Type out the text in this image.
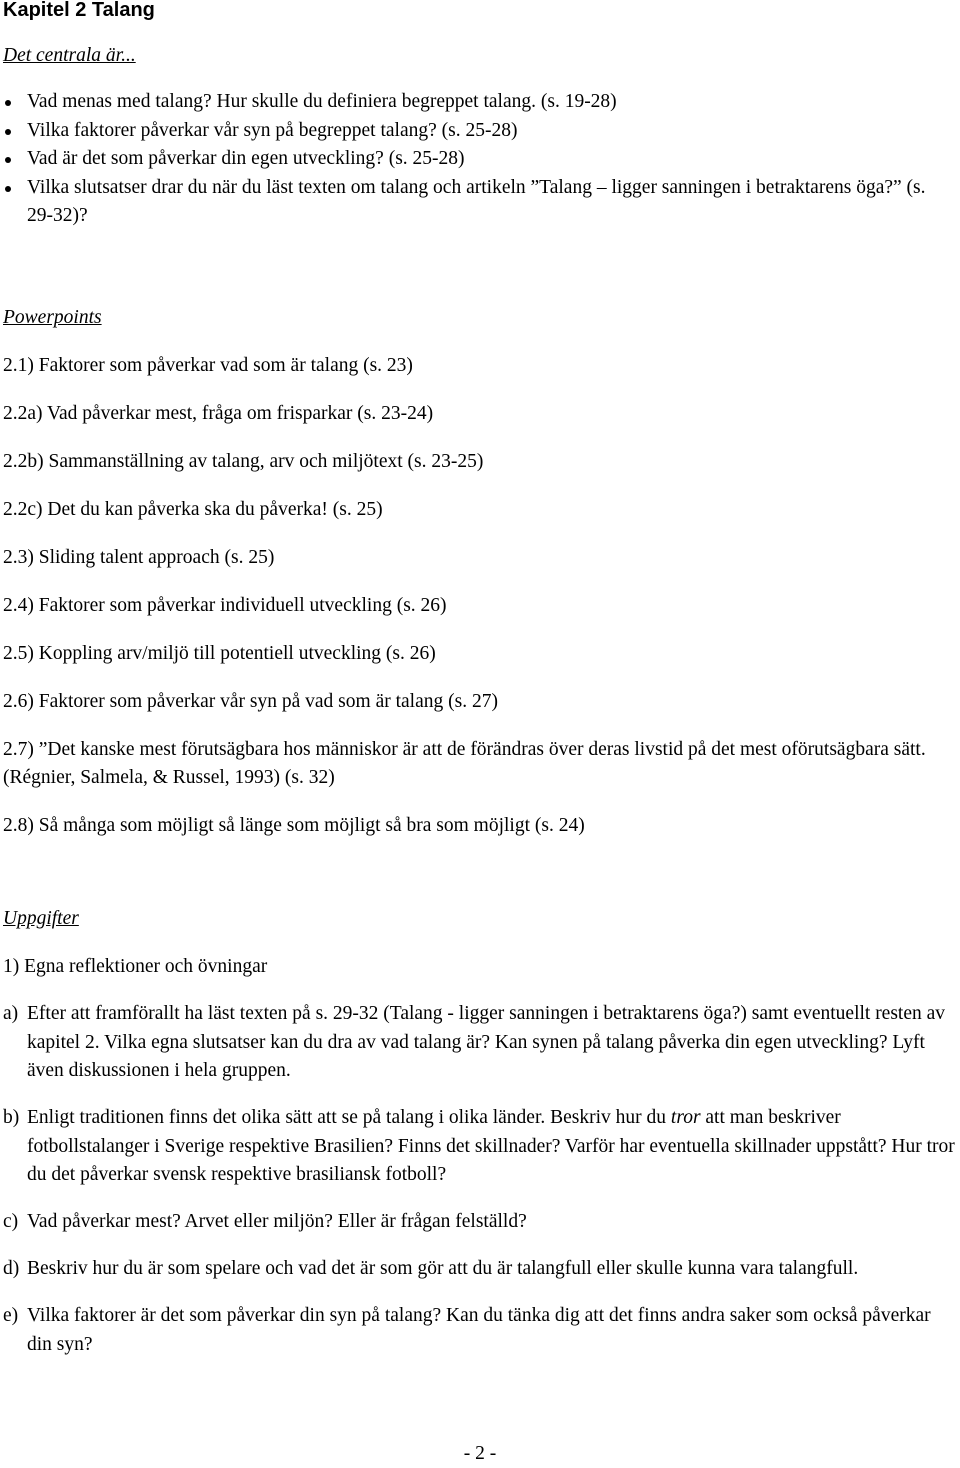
Kapitel 2 Talang
Det centrala är...
Vad menas med talang? Hur skulle du definiera begreppet talang. (s. 19-28)
Vilka faktorer påverkar vår syn på begreppet talang? (s. 25-28)
Vad är det som påverkar din egen utveckling? (s. 25-28)
Vilka slutsatser drar du när du läst texten om talang och artikeln ”Talang – ligger sanningen i betraktarens öga?” (s. 29-32)?
Powerpoints
2.1) Faktorer som påverkar vad som är talang (s. 23)
2.2a) Vad påverkar mest, fråga om frisparkar (s. 23-24)
2.2b) Sammanställning av talang, arv och miljötext (s. 23-25)
2.2c) Det du kan påverka ska du påverka! (s. 25)
2.3) Sliding talent approach (s. 25)
2.4) Faktorer som påverkar individuell utveckling (s. 26)
2.5) Koppling arv/miljö till potentiell utveckling (s. 26)
2.6) Faktorer som påverkar vår syn på vad som är talang (s. 27)
2.7) ”Det kanske mest förutsägbara hos människor är att de förändras över deras livstid på det mest oförutsägbara sätt. (Régnier, Salmela, & Russel, 1993) (s. 32)
2.8) Så många som möjligt så länge som möjligt så bra som möjligt (s. 24)
Uppgifter

1) Egna reflektioner och övningar

a) Efter att framförallt ha läst texten på s. 29-32 (Talang - ligger sanningen i betraktarens öga?) samt eventuellt resten av kapitel 2. Vilka egna slutsatser kan du dra av vad talang är? Kan synen på talang påverka din egen utveckling? Lyft även diskussionen i hela gruppen.
b) Enligt traditionen finns det olika sätt att se på talang i olika länder. Beskriv hur du tror att man beskriver fotbollstalanger i Sverige respektive Brasilien? Finns det skillnader? Varför har eventuella skillnader uppstått? Hur tror du det påverkar svensk respektive brasiliansk fotboll?
c) Vad påverkar mest? Arvet eller miljön? Eller är frågan felställd?
d) Beskriv hur du är som spelare och vad det är som gör att du är talangfull eller skulle kunna vara talangfull.
e) Vilka faktorer är det som påverkar din syn på talang? Kan du tänka dig att det finns andra saker som också påverkar din syn?
- 2 -
